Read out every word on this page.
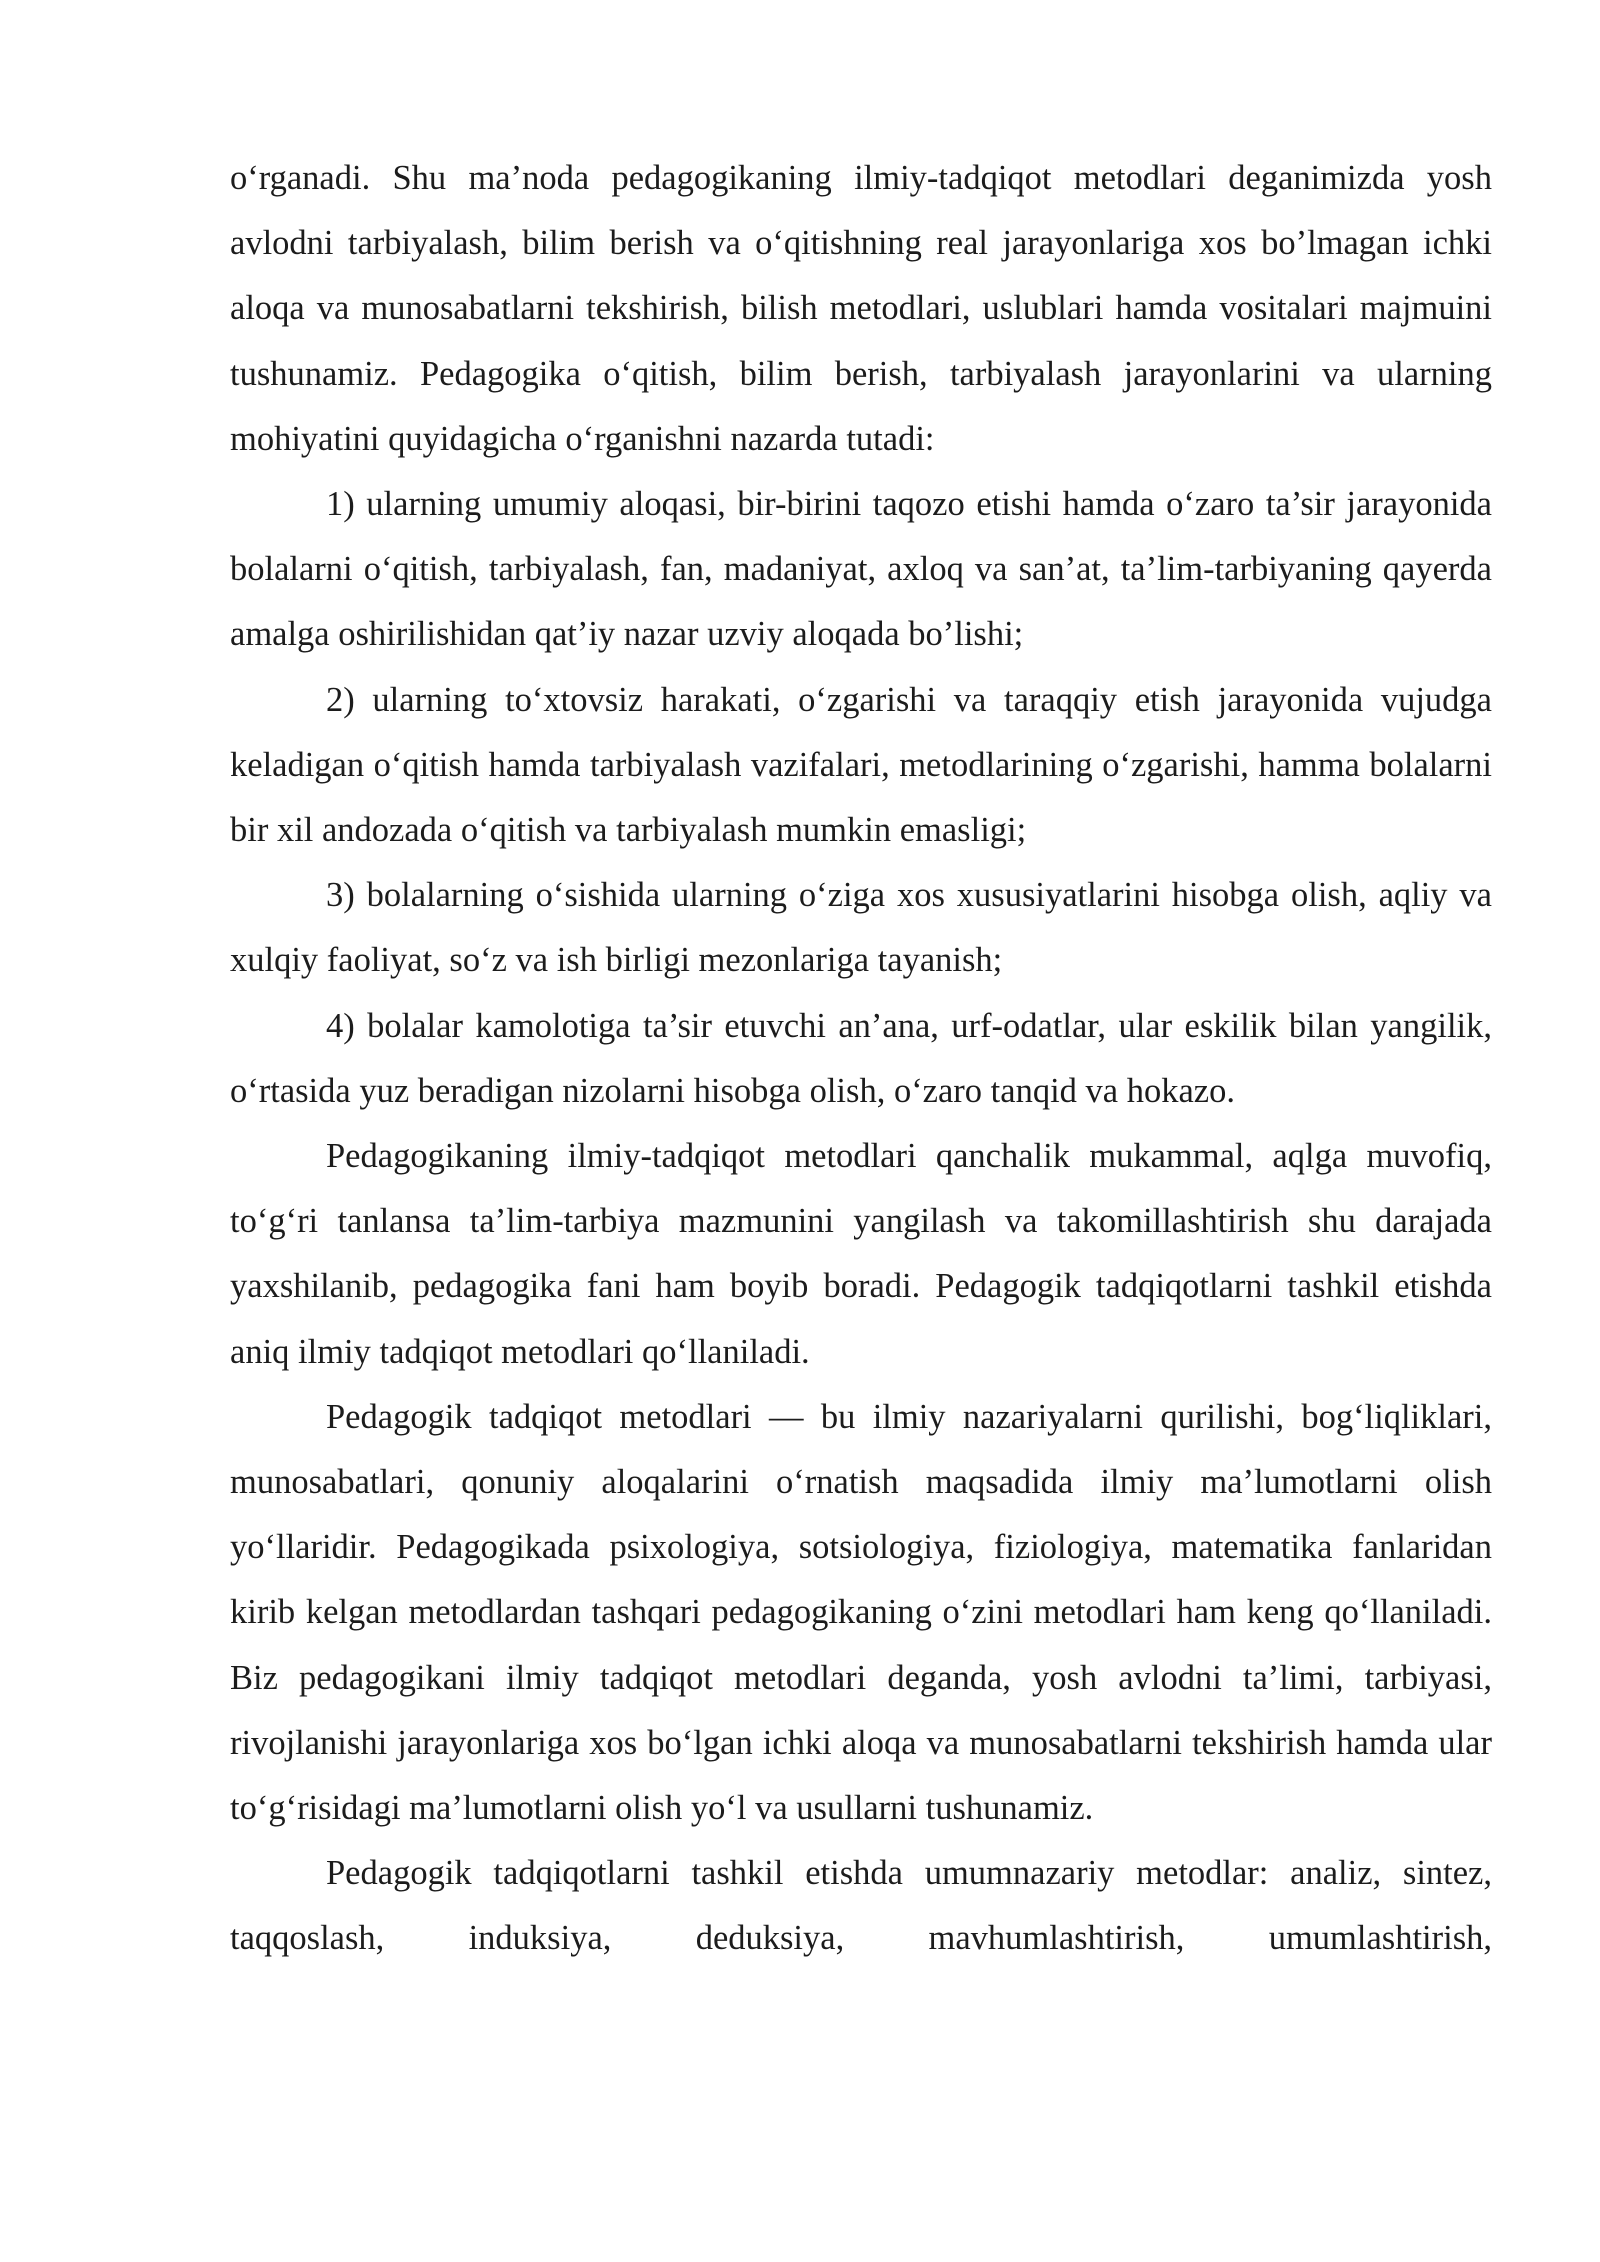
o‘rganadi. Shu ma’noda pedagogikaning ilmiy-tadqiqot metodlari deganimizda yosh avlodni tarbiyalash, bilim berish va o‘qitishning real jarayonlariga xos bo’lmagan ichki aloqa va munosabatlarni tekshirish, bilish metodlari, uslublari hamda vositalari majmuini tushunamiz. Pedagogika o‘qitish, bilim berish, tarbiyalash jarayonlarini va ularning mohiyatini quyidagicha o‘rganishni nazarda tutadi:

1) ularning umumiy aloqasi, bir-birini taqozo etishi hamda o‘zaro ta’sir jarayonida bolalarni o‘qitish, tarbiyalash, fan, madaniyat, axloq va san’at, ta’lim-tarbiyaning qayerda amalga oshirilishidan qat’iy nazar uzviy aloqada bo’lishi;

2) ularning to‘xtovsiz harakati, o‘zgarishi va taraqqiy etish jarayonida vujudga keladigan o‘qitish hamda tarbiyalash vazifalari, metodlarining o‘zgarishi, hamma bolalarni bir xil andozada o‘qitish va tarbiyalash mumkin emasligi;

3) bolalarning o‘sishida ularning o‘ziga xos xususiyatlarini hisobga olish, aqliy va xulqiy faoliyat, so‘z va ish birligi mezonlariga tayanish;

4) bolalar kamolotiga ta’sir etuvchi an’ana, urf-odatlar, ular eskilik bilan yangilik, o‘rtasida yuz beradigan nizolarni hisobga olish, o‘zaro tanqid va hokazo.

Pedagogikaning ilmiy-tadqiqot metodlari qanchalik mukammal, aqlga muvofiq, to‘g‘ri tanlansa ta’lim-tarbiya mazmunini yangilash va takomillashtirish shu darajada yaxshilanib, pedagogika fani ham boyib boradi. Pedagogik tadqiqotlarni tashkil etishda aniq ilmiy tadqiqot metodlari qo‘llaniladi.

Pedagogik tadqiqot metodlari — bu ilmiy nazariyalarni qurilishi, bog‘liqliklari, munosabatlari, qonuniy aloqalarini o‘rnatish maqsadida ilmiy ma’lumotlarni olish yo‘llaridir. Pedagogikada psixologiya, sotsiologiya, fiziologiya, matematika fanlaridan kirib kelgan metodlardan tashqari pedagogikaning o‘zini metodlari ham keng qo‘llaniladi. Biz pedagogikani ilmiy tadqiqot metodlari deganda, yosh avlodni ta’limi, tarbiyasi, rivojlanishi jarayonlariga xos bo‘lgan ichki aloqa va munosabatlarni tekshirish hamda ular to‘g‘risidagi ma’lumotlarni olish yo‘l va usullarni tushunamiz.

Pedagogik tadqiqotlarni tashkil etishda umumnazariy metodlar: analiz, sintez, taqqoslash, induksiya, deduksiya, mavhumlashtirish, umumlashtirish,
